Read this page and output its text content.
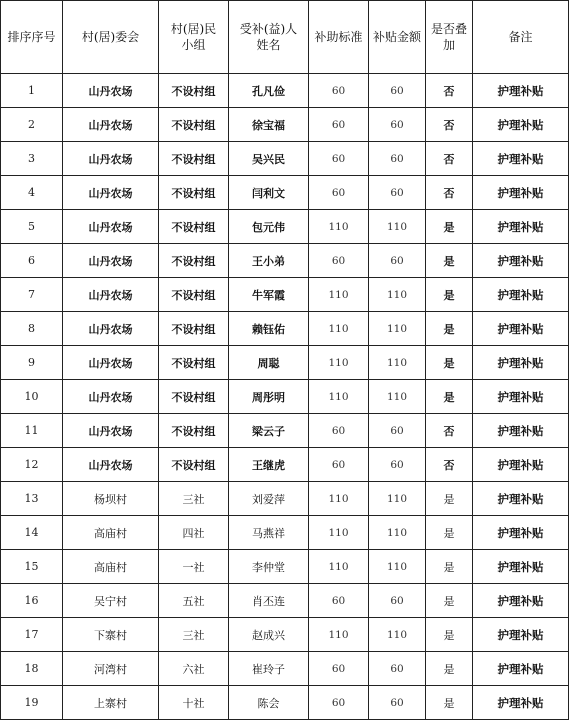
排序序号	村(居)委会	村(居)民小组	受补(益)人姓名	补助标准	补贴金额	是否叠加	备注
1	山丹农场	不设村组	孔凡俭	60	60	否	护理补贴
2	山丹农场	不设村组	徐宝福	60	60	否	护理补贴
3	山丹农场	不设村组	吴兴民	60	60	否	护理补贴
4	山丹农场	不设村组	闫利文	60	60	否	护理补贴
5	山丹农场	不设村组	包元伟	110	110	是	护理补贴
6	山丹农场	不设村组	王小弟	60	60	是	护理补贴
7	山丹农场	不设村组	牛军霞	110	110	是	护理补贴
8	山丹农场	不设村组	赖钰佑	110	110	是	护理补贴
9	山丹农场	不设村组	周聪	110	110	是	护理补贴
10	山丹农场	不设村组	周彤明	110	110	是	护理补贴
11	山丹农场	不设村组	梁云子	60	60	否	护理补贴
12	山丹农场	不设村组	王继虎	60	60	否	护理补贴
13	杨坝村	三社	刘爱萍	110	110	是	护理补贴
14	高庙村	四社	马燕祥	110	110	是	护理补贴
15	高庙村	一社	李仲堂	110	110	是	护理补贴
16	吴宁村	五社	肖丕连	60	60	是	护理补贴
17	下寨村	三社	赵成兴	110	110	是	护理补贴
18	河湾村	六社	崔玲子	60	60	是	护理补贴
19	上寨村	十社	陈会	60	60	是	护理补贴
